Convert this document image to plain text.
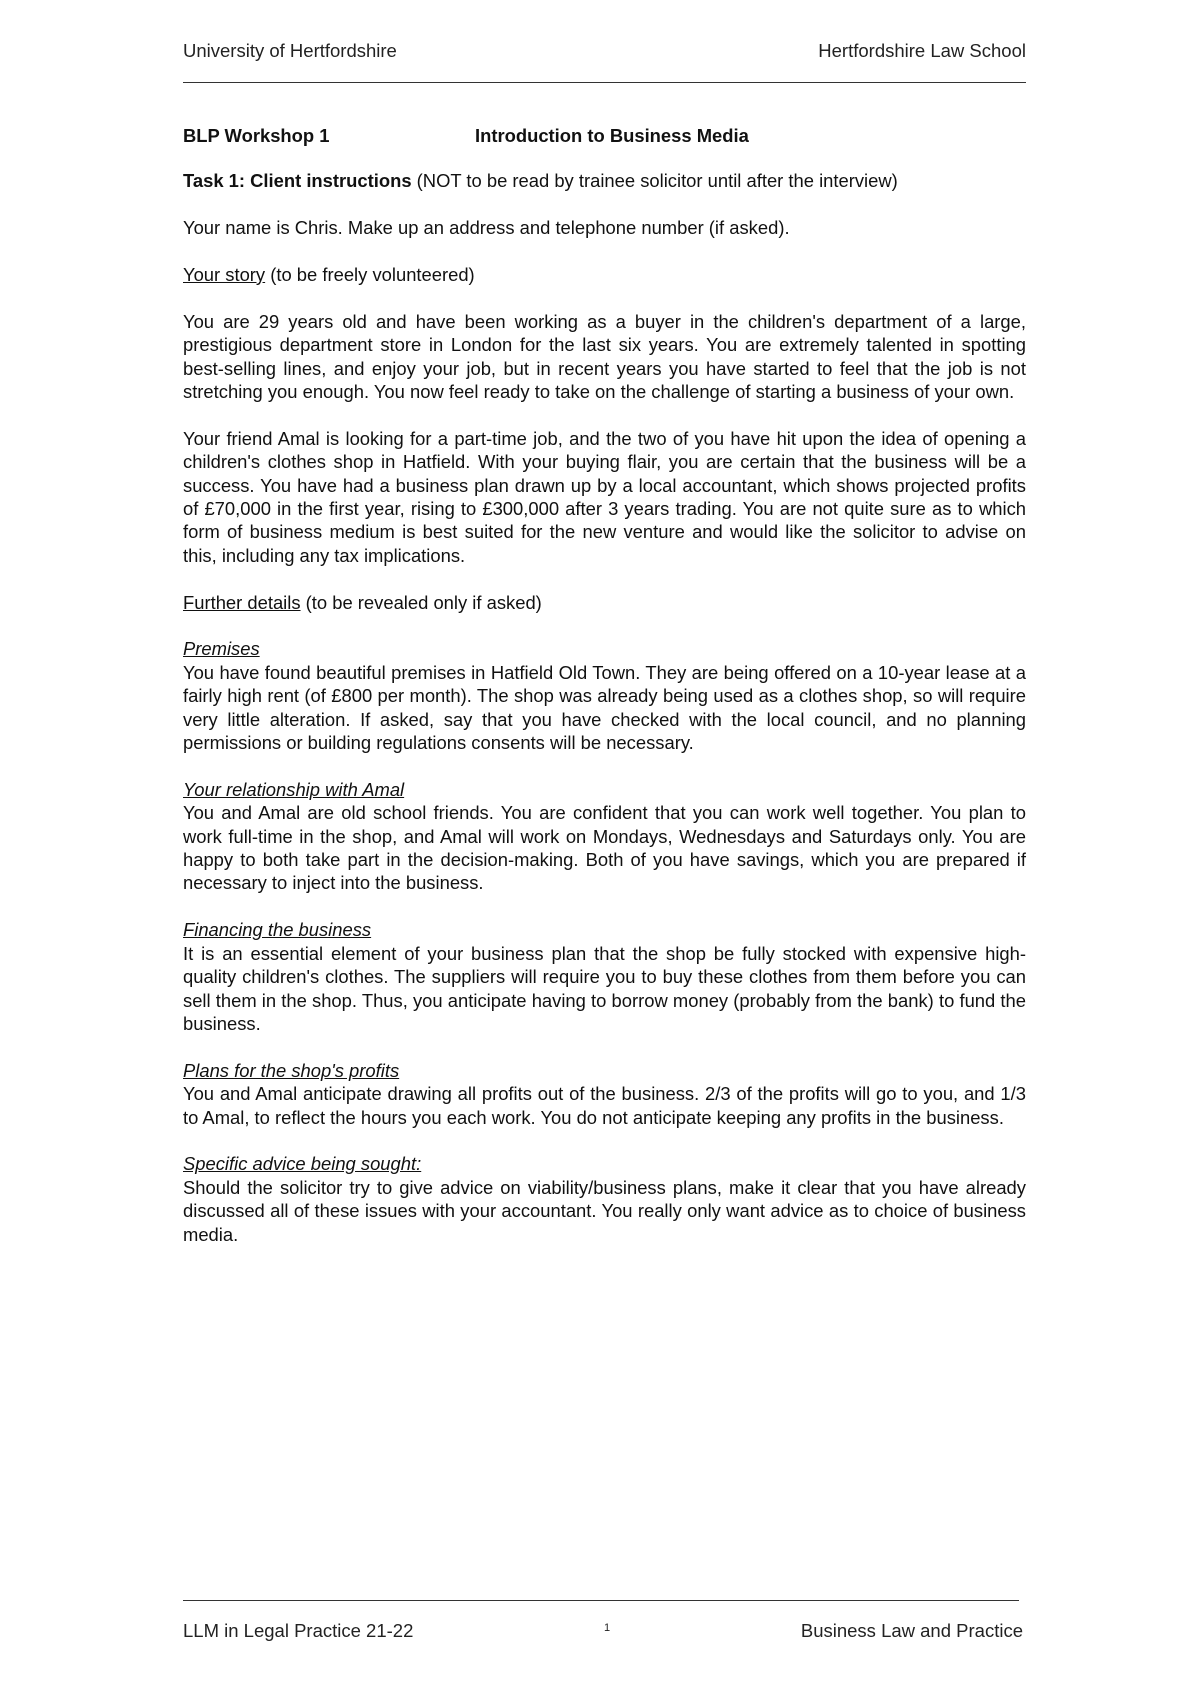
University of Hertfordshire	Hertfordshire Law School
BLP Workshop 1	Introduction to Business Media

Task 1: Client instructions (NOT to be read by trainee solicitor until after the interview)

Your name is Chris. Make up an address and telephone number (if asked).

Your story (to be freely volunteered)

You are 29 years old and have been working as a buyer in the children's department of a large, prestigious department store in London for the last six years. You are extremely talented in spotting best-selling lines, and enjoy your job, but in recent years you have started to feel that the job is not stretching you enough. You now feel ready to take on the challenge of starting a business of your own.

Your friend Amal is looking for a part-time job, and the two of you have hit upon the idea of opening a children's clothes shop in Hatfield. With your buying flair, you are certain that the business will be a success. You have had a business plan drawn up by a local accountant, which shows projected profits of £70,000 in the first year, rising to £300,000 after 3 years trading. You are not quite sure as to which form of business medium is best suited for the new venture and would like the solicitor to advise on this, including any tax implications.

Further details (to be revealed only if asked)

Premises
You have found beautiful premises in Hatfield Old Town. They are being offered on a 10-year lease at a fairly high rent (of £800 per month). The shop was already being used as a clothes shop, so will require very little alteration. If asked, say that you have checked with the local council, and no planning permissions or building regulations consents will be necessary.
Your relationship with Amal
You and Amal are old school friends. You are confident that you can work well together. You plan to work full-time in the shop, and Amal will work on Mondays, Wednesdays and Saturdays only. You are happy to both take part in the decision-making. Both of you have savings, which you are prepared if necessary to inject into the business.
Financing the business
It is an essential element of your business plan that the shop be fully stocked with expensive high-quality children's clothes. The suppliers will require you to buy these clothes from them before you can sell them in the shop. Thus, you anticipate having to borrow money (probably from the bank) to fund the business.
Plans for the shop's profits
You and Amal anticipate drawing all profits out of the business. 2/3 of the profits will go to you, and 1/3 to Amal, to reflect the hours you each work. You do not anticipate keeping any profits in the business.
Specific advice being sought:
Should the solicitor try to give advice on viability/business plans, make it clear that you have already discussed all of these issues with your accountant. You really only want advice as to choice of business media.
LLM in Legal Practice 21-22	1	Business Law and Practice
